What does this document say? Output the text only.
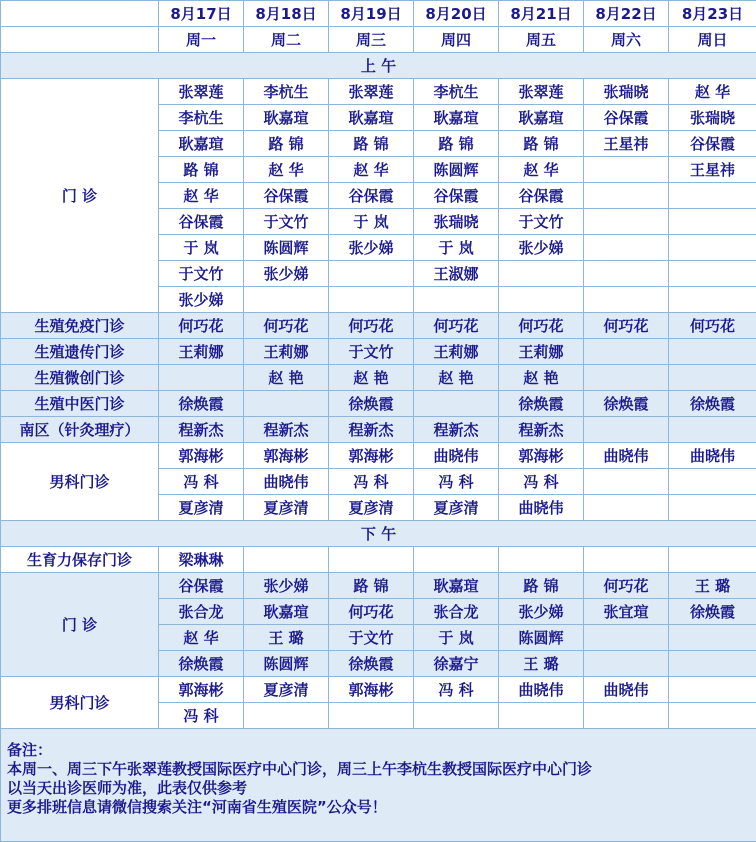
	8月17日	8月18日	8月19日	8月20日	8月21日	8月22日	8月23日
	周一	周二	周三	周四	周五	周六	周日
上 午							
门 诊	张翠莲	李杭生	张翠莲	李杭生	张翠莲	张瑞晓	赵 华
	李杭生	耿嘉瑄	耿嘉瑄	耿嘉瑄	耿嘉瑄	谷保霞	张瑞晓
	耿嘉瑄	路 锦	路 锦	路 锦	路 锦	王星祎	谷保霞
	路 锦	赵 华	赵 华	陈圆辉	赵 华		王星祎
	赵 华	谷保霞	谷保霞	谷保霞	谷保霞		
	谷保霞	于文竹	于 岚	张瑞晓	于文竹		
	于 岚	陈圆辉	张少娣	于 岚	张少娣		
	于文竹	张少娣		王淑娜			
	张少娣						
生殖免疫门诊	何巧花	何巧花	何巧花	何巧花	何巧花	何巧花	何巧花
生殖遗传门诊	王莉娜	王莉娜	于文竹	王莉娜	王莉娜		
生殖微创门诊		赵 艳	赵 艳	赵 艳	赵 艳		
生殖中医门诊	徐焕霞		徐焕霞		徐焕霞	徐焕霞	徐焕霞
南区（针灸理疗）	程新杰	程新杰	程新杰	程新杰	程新杰		
男科门诊	郭海彬	郭海彬	郭海彬	曲晓伟	郭海彬	曲晓伟	曲晓伟
	冯 科	曲晓伟	冯 科	冯 科	冯 科		
	夏彦清	夏彦清	夏彦清	夏彦清	曲晓伟		
下 午							
生育力保存门诊	梁琳琳						
门 诊	谷保霞	张少娣	路 锦	耿嘉瑄	路 锦	何巧花	王 璐
	张合龙	耿嘉瑄	何巧花	张合龙	张少娣	张宜瑄	徐焕霞
	赵 华	王 璐	于文竹	于 岚	陈圆辉		
	徐焕霞	陈圆辉	徐焕霞	徐嘉宁	王 璐		
男科门诊	郭海彬	夏彦清	郭海彬	冯 科	曲晓伟	曲晓伟	
	冯 科						

备注：
本周一、周三下午张翠莲教授国际医疗中心门诊，周三上午李杭生教授国际医疗中心门诊
以当天出诊医师为准，此表仅供参考
更多排班信息请微信搜索关注“河南省生殖医院”公众号！							
